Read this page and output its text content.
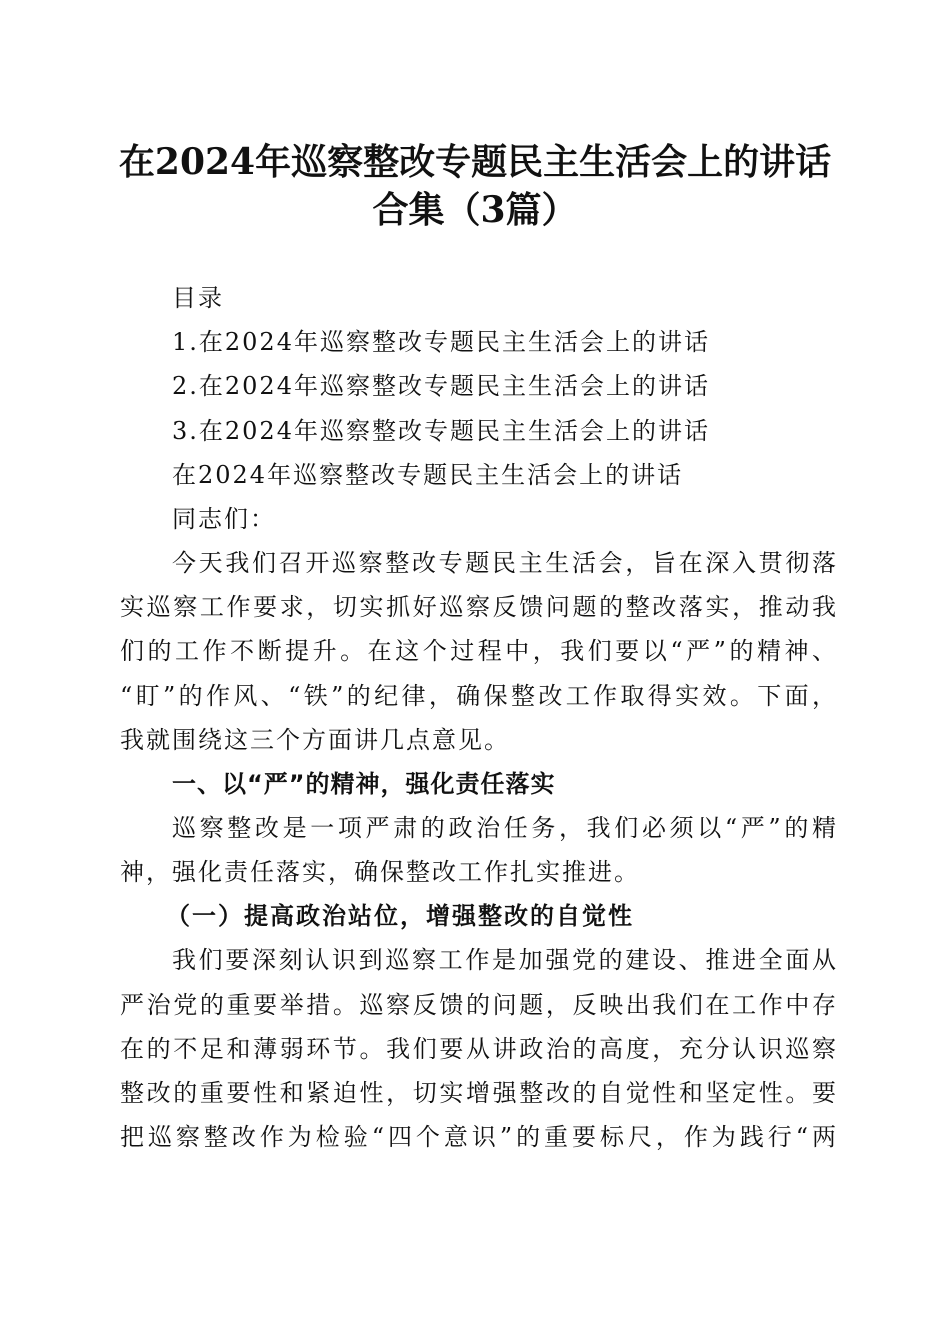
在2024年巡察整改专题民主生活会上的讲话
合集（3篇）
目录
1.在2024年巡察整改专题民主生活会上的讲话
2.在2024年巡察整改专题民主生活会上的讲话
3.在2024年巡察整改专题民主生活会上的讲话
在2024年巡察整改专题民主生活会上的讲话
同志们：
今天我们召开巡察整改专题民主生活会，旨在深入贯彻落
实巡察工作要求，切实抓好巡察反馈问题的整改落实，推动我
们的工作不断提升。在这个过程中，我们要以“严”的精神、
“盯”的作风、“铁”的纪律，确保整改工作取得实效。下面，
我就围绕这三个方面讲几点意见。
一、以“严”的精神，强化责任落实
巡察整改是一项严肃的政治任务，我们必须以“严”的精
神，强化责任落实，确保整改工作扎实推进。
（一）提高政治站位，增强整改的自觉性
我们要深刻认识到巡察工作是加强党的建设、推进全面从
严治党的重要举措。巡察反馈的问题，反映出我们在工作中存
在的不足和薄弱环节。我们要从讲政治的高度，充分认识巡察
整改的重要性和紧迫性，切实增强整改的自觉性和坚定性。要
把巡察整改作为检验“四个意识”的重要标尺，作为践行“两
